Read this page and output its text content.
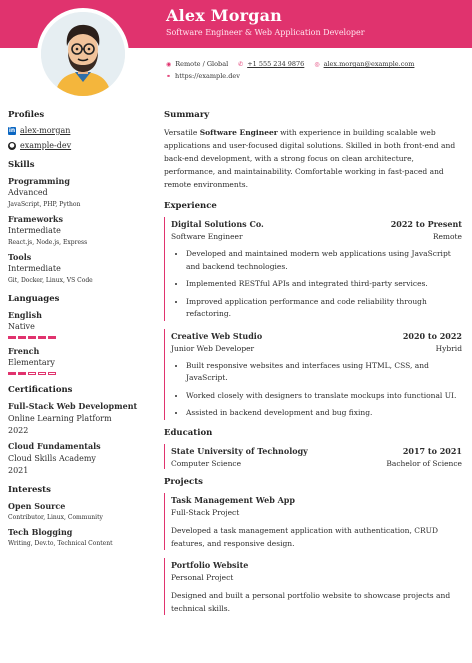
Alex Morgan
Software Engineer & Web Application Developer
◉ Remote / Global ✆ +1 555 234 9876 ◎ alex.morgan@example.com
⚭ https://example.dev
Profiles
in alex-morgan
● example-dev
Skills
Programming
Advanced
JavaScript, PHP, Python
Frameworks
Intermediate
React.js, Node.js, Express
Tools
Intermediate
Git, Docker, Linux, VS Code
Languages
English
Native
French
Elementary
Certifications
Full-Stack Web Development
Online Learning Platform
2022
Cloud Fundamentals
Cloud Skills Academy
2021
Interests
Open Source
Contributor, Linux, Community
Tech Blogging
Writing, Dev.to, Technical Content
Summary
Versatile Software Engineer with experience in building scalable web applications and user-focused digital solutions. Skilled in both front-end and back-end development, with a strong focus on clean architecture, performance, and maintainability. Comfortable working in fast-paced and remote environments.
Experience
Digital Solutions Co.	2022 to Present
Software Engineer	Remote
• Developed and maintained modern web applications using JavaScript and backend technologies.
• Implemented RESTful APIs and integrated third-party services.
• Improved application performance and code reliability through refactoring.
Creative Web Studio	2020 to 2022
Junior Web Developer	Hybrid
• Built responsive websites and interfaces using HTML, CSS, and JavaScript.
• Worked closely with designers to translate mockups into functional UI.
• Assisted in backend development and bug fixing.
Education
State University of Technology	2017 to 2021
Computer Science	Bachelor of Science
Projects
Task Management Web App
Full-Stack Project
Developed a task management application with authentication, CRUD features, and responsive design.
Portfolio Website
Personal Project
Designed and built a personal portfolio website to showcase projects and technical skills.
